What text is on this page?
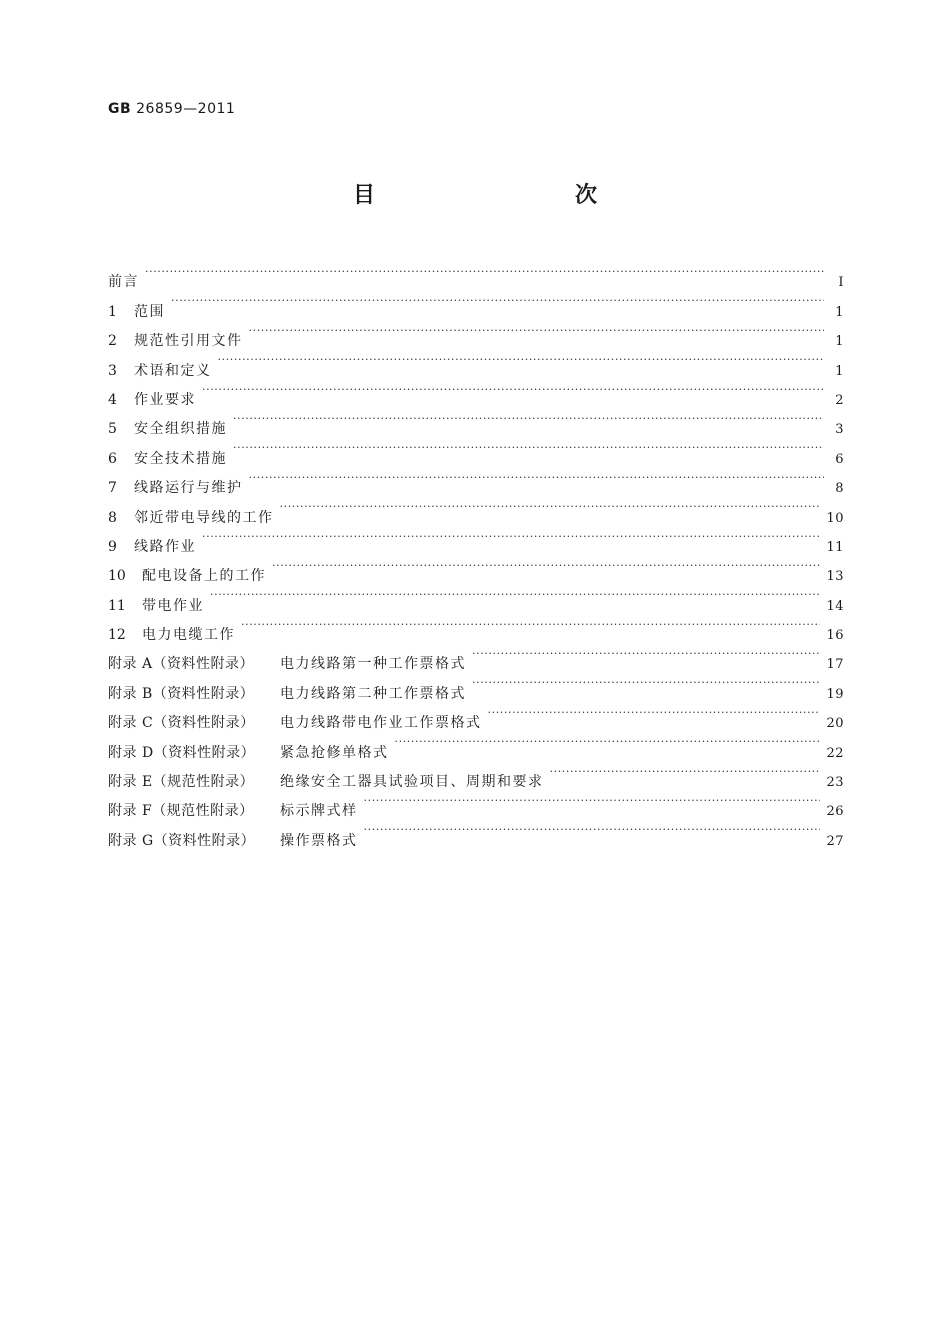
GB 26859—2011
目　　次
前言 ·····	Ⅰ
1 范围 ·····	1
2 规范性引用文件 ·····	1
3 术语和定义 ·····	1
4 作业要求 ·····	2
5 安全组织措施 ·····	3
6 安全技术措施 ·····	6
7 线路运行与维护 ·····	8
8 邻近带电导线的工作 ·····	10
9 线路作业 ·····	11
10 配电设备上的工作 ·····	13
11 带电作业 ·····	14
12 电力电缆工作 ·····	16
附录 A（资料性附录） 电力线路第一种工作票格式 ·····	17
附录 B（资料性附录） 电力线路第二种工作票格式 ·····	19
附录 C（资料性附录） 电力线路带电作业工作票格式 ·····	20
附录 D（资料性附录） 紧急抢修单格式 ·····	22
附录 E（规范性附录） 绝缘安全工器具试验项目、周期和要求 ·····	23
附录 F（规范性附录） 标示牌式样 ·····	26
附录 G（资料性附录） 操作票格式 ·····	27
